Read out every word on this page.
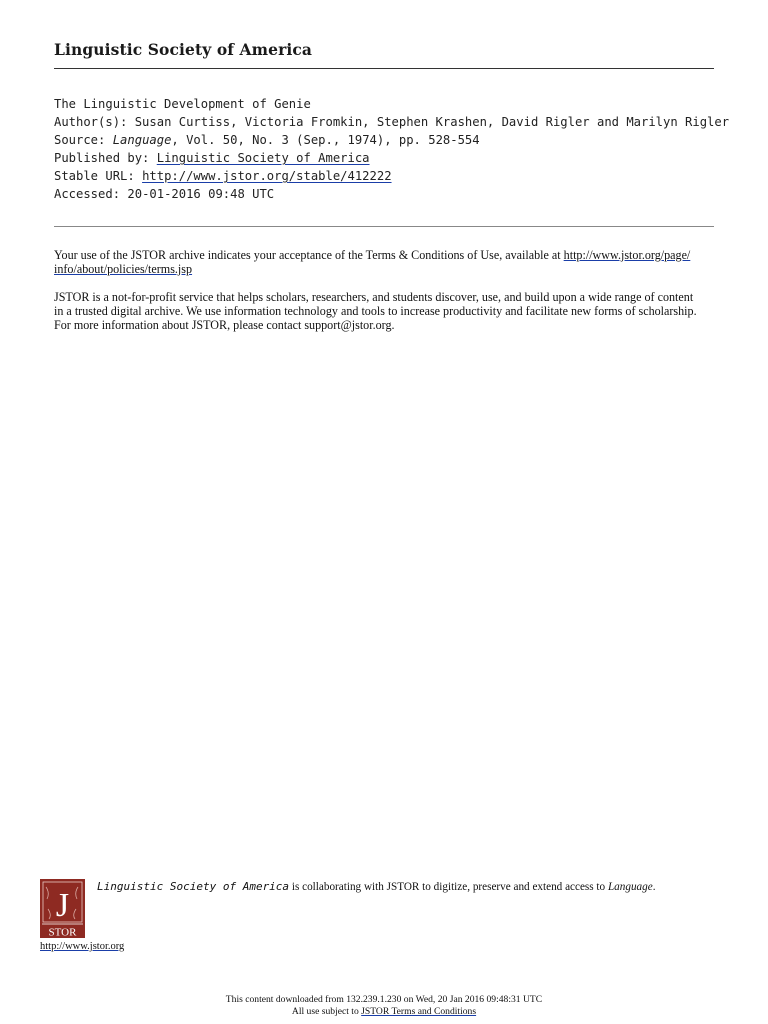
Linguistic Society of America
The Linguistic Development of Genie
Author(s): Susan Curtiss, Victoria Fromkin, Stephen Krashen, David Rigler and Marilyn Rigler
Source: Language, Vol. 50, No. 3 (Sep., 1974), pp. 528-554
Published by: Linguistic Society of America
Stable URL: http://www.jstor.org/stable/412222
Accessed: 20-01-2016 09:48 UTC
Your use of the JSTOR archive indicates your acceptance of the Terms & Conditions of Use, available at http://www.jstor.org/page/
info/about/policies/terms.jsp
JSTOR is a not-for-profit service that helps scholars, researchers, and students discover, use, and build upon a wide range of content
in a trusted digital archive. We use information technology and tools to increase productivity and facilitate new forms of scholarship.
For more information about JSTOR, please contact support@jstor.org.
J
STOR
http://www.jstor.org
Linguistic Society of America is collaborating with JSTOR to digitize, preserve and extend access to Language.
This content downloaded from 132.239.1.230 on Wed, 20 Jan 2016 09:48:31 UTC
All use subject to JSTOR Terms and Conditions
